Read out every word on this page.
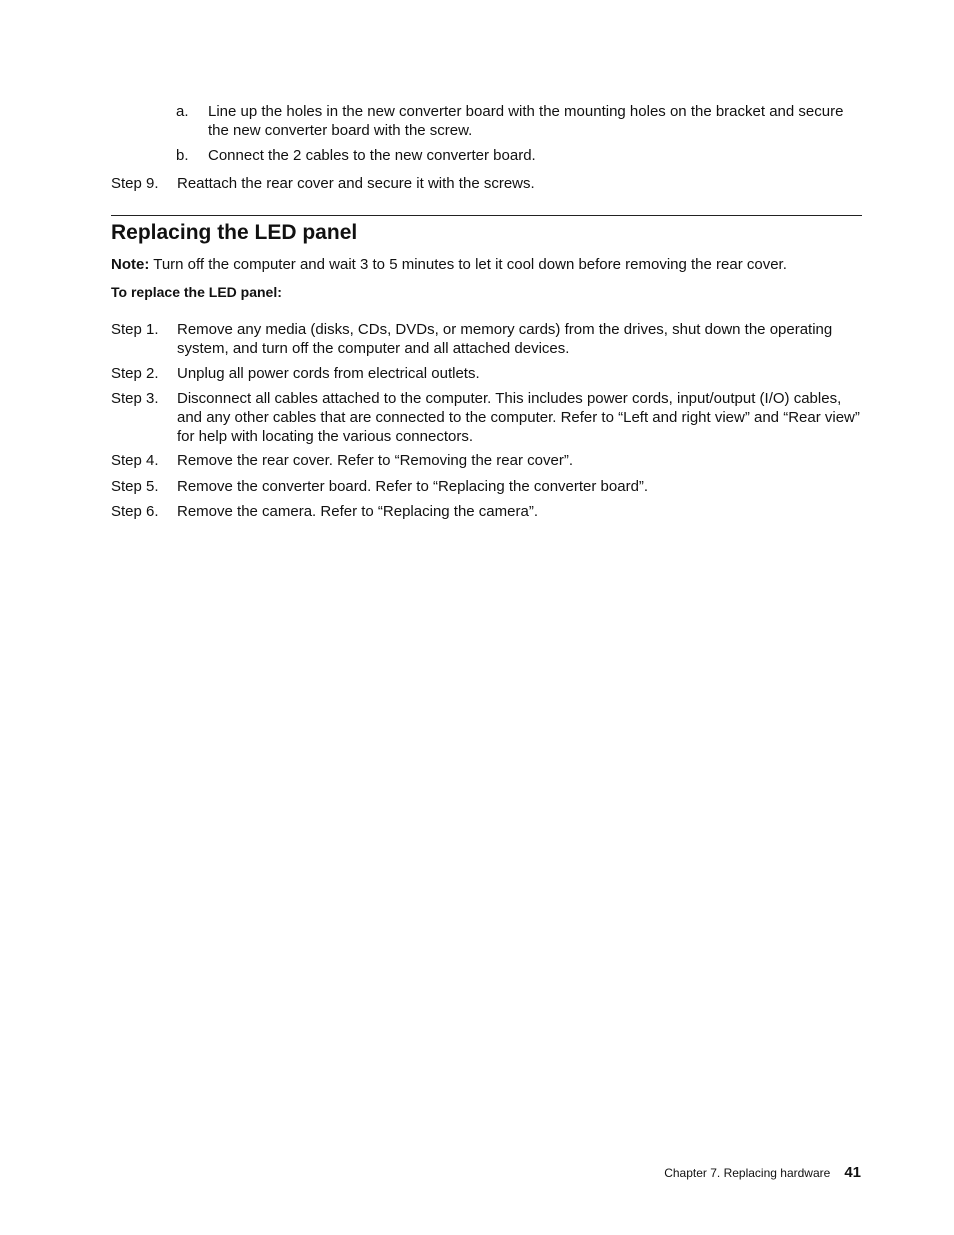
a.	Line up the holes in the new converter board with the mounting holes on the bracket and secure the new converter board with the screw.
b.	Connect the 2 cables to the new converter board.
Step 9.	Reattach the rear cover and secure it with the screws.
Replacing the LED panel
Note: Turn off the computer and wait 3 to 5 minutes to let it cool down before removing the rear cover.
To replace the LED panel:
Step 1.	Remove any media (disks, CDs, DVDs, or memory cards) from the drives, shut down the operating system, and turn off the computer and all attached devices.
Step 2.	Unplug all power cords from electrical outlets.
Step 3.	Disconnect all cables attached to the computer. This includes power cords, input/output (I/O) cables, and any other cables that are connected to the computer. Refer to “Left and right view” and “Rear view” for help with locating the various connectors.
Step 4.	Remove the rear cover. Refer to “Removing the rear cover”.
Step 5.	Remove the converter board. Refer to “Replacing the converter board”.
Step 6.	Remove the camera. Refer to “Replacing the camera”.
Chapter 7. Replacing hardware 41
